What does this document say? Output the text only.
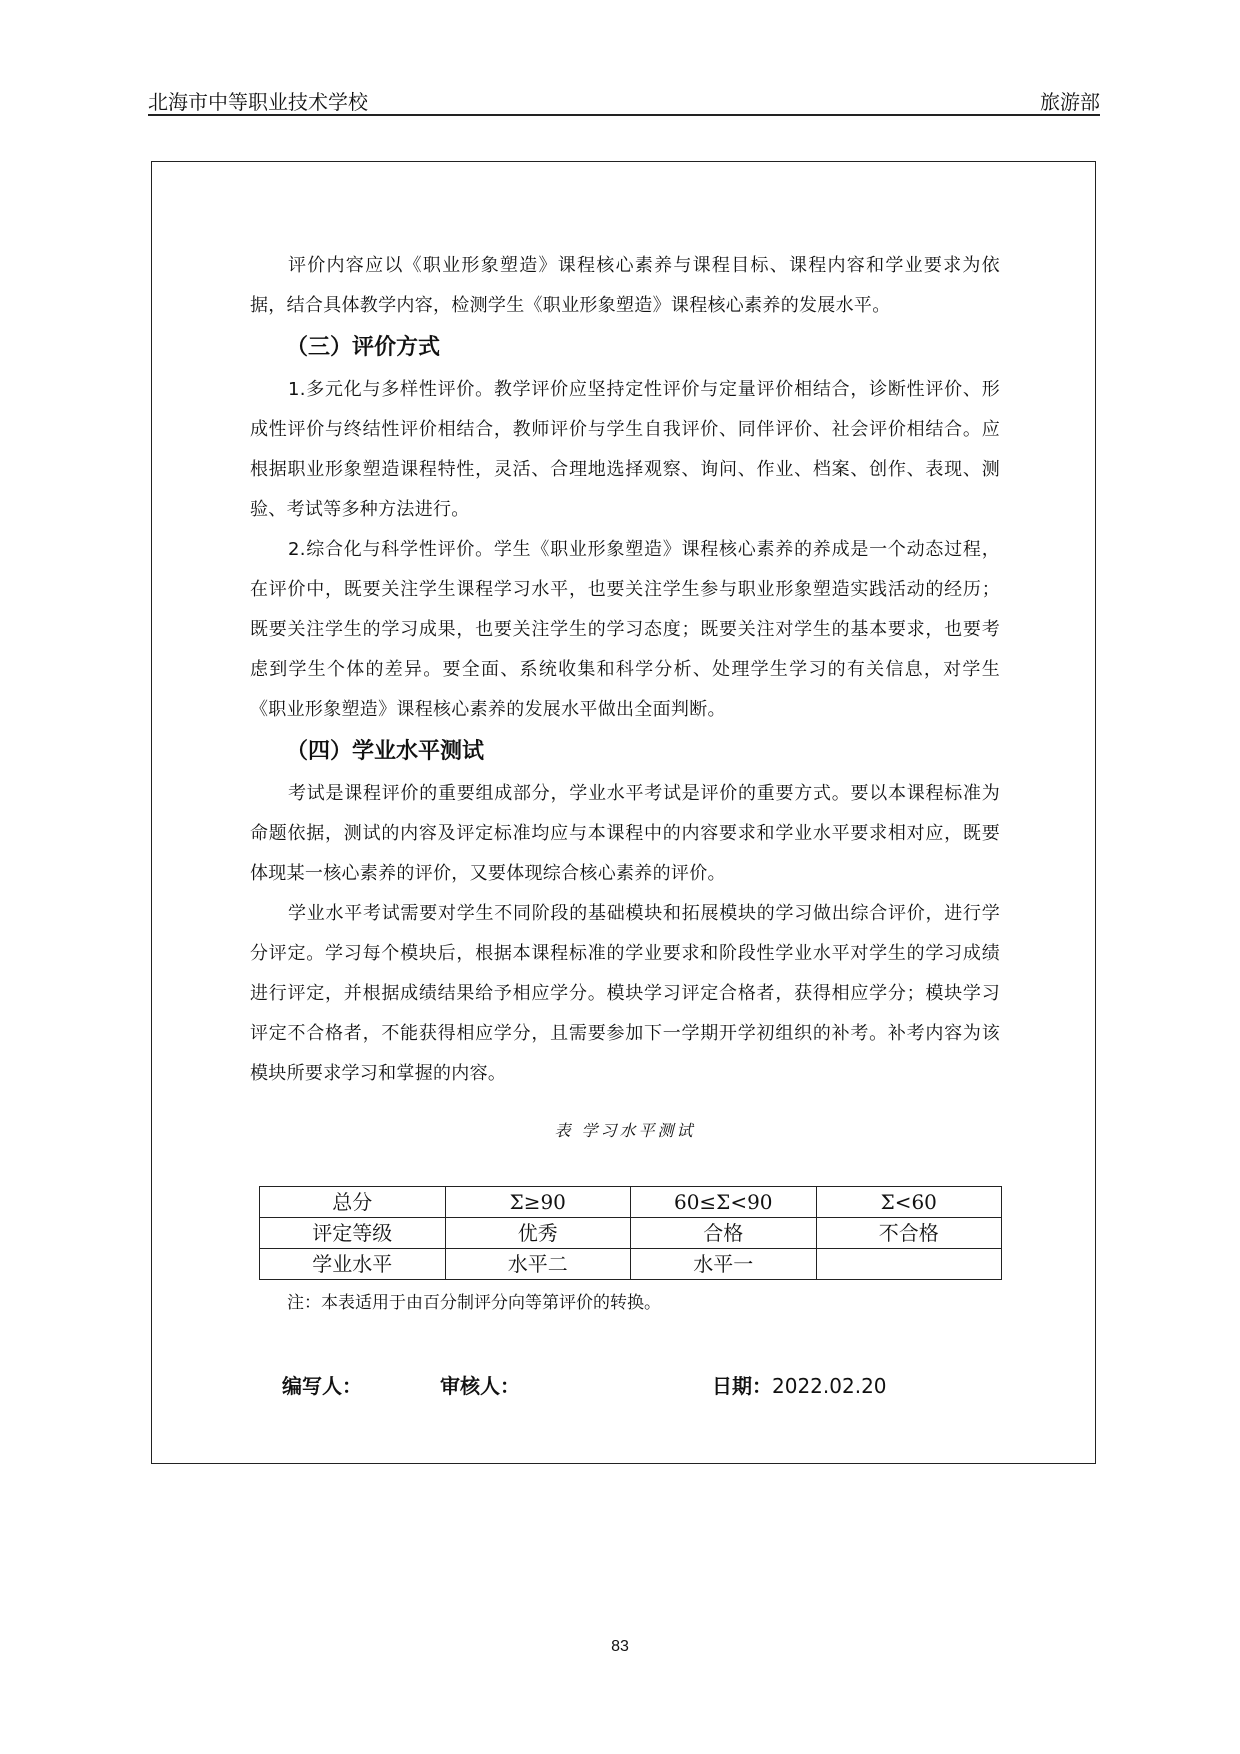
北海市中等职业技术学校	旅游部

评价内容应以《职业形象塑造》课程核心素养与课程目标、课程内容和学业要求为依据，结合具体教学内容，检测学生《职业形象塑造》课程核心素养的发展水平。

（三）评价方式

1.多元化与多样性评价。教学评价应坚持定性评价与定量评价相结合，诊断性评价、形成性评价与终结性评价相结合，教师评价与学生自我评价、同伴评价、社会评价相结合。应根据职业形象塑造课程特性，灵活、合理地选择观察、询问、作业、档案、创作、表现、测验、考试等多种方法进行。

2.综合化与科学性评价。学生《职业形象塑造》课程核心素养的养成是一个动态过程，在评价中，既要关注学生课程学习水平，也要关注学生参与职业形象塑造实践活动的经历；既要关注学生的学习成果，也要关注学生的学习态度；既要关注对学生的基本要求，也要考虑到学生个体的差异。要全面、系统收集和科学分析、处理学生学习的有关信息，对学生《职业形象塑造》课程核心素养的发展水平做出全面判断。

（四）学业水平测试

考试是课程评价的重要组成部分，学业水平考试是评价的重要方式。要以本课程标准为命题依据，测试的内容及评定标准均应与本课程中的内容要求和学业水平要求相对应，既要体现某一核心素养的评价，又要体现综合核心素养的评价。

学业水平考试需要对学生不同阶段的基础模块和拓展模块的学习做出综合评价，进行学分评定。学习每个模块后，根据本课程标准的学业要求和阶段性学业水平对学生的学习成绩进行评定，并根据成绩结果给予相应学分。模块学习评定合格者，获得相应学分；模块学习评定不合格者，不能获得相应学分，且需要参加下一学期开学初组织的补考。补考内容为该模块所要求学习和掌握的内容。

表 学习水平测试
总分	Σ≥90	60≤Σ<90	Σ<60
评定等级	优秀	合格	不合格
学业水平	水平二	水平一	
注：本表适用于由百分制评分向等第评价的转换。
编写人：	审核人：	日期：2022.02.20
83
